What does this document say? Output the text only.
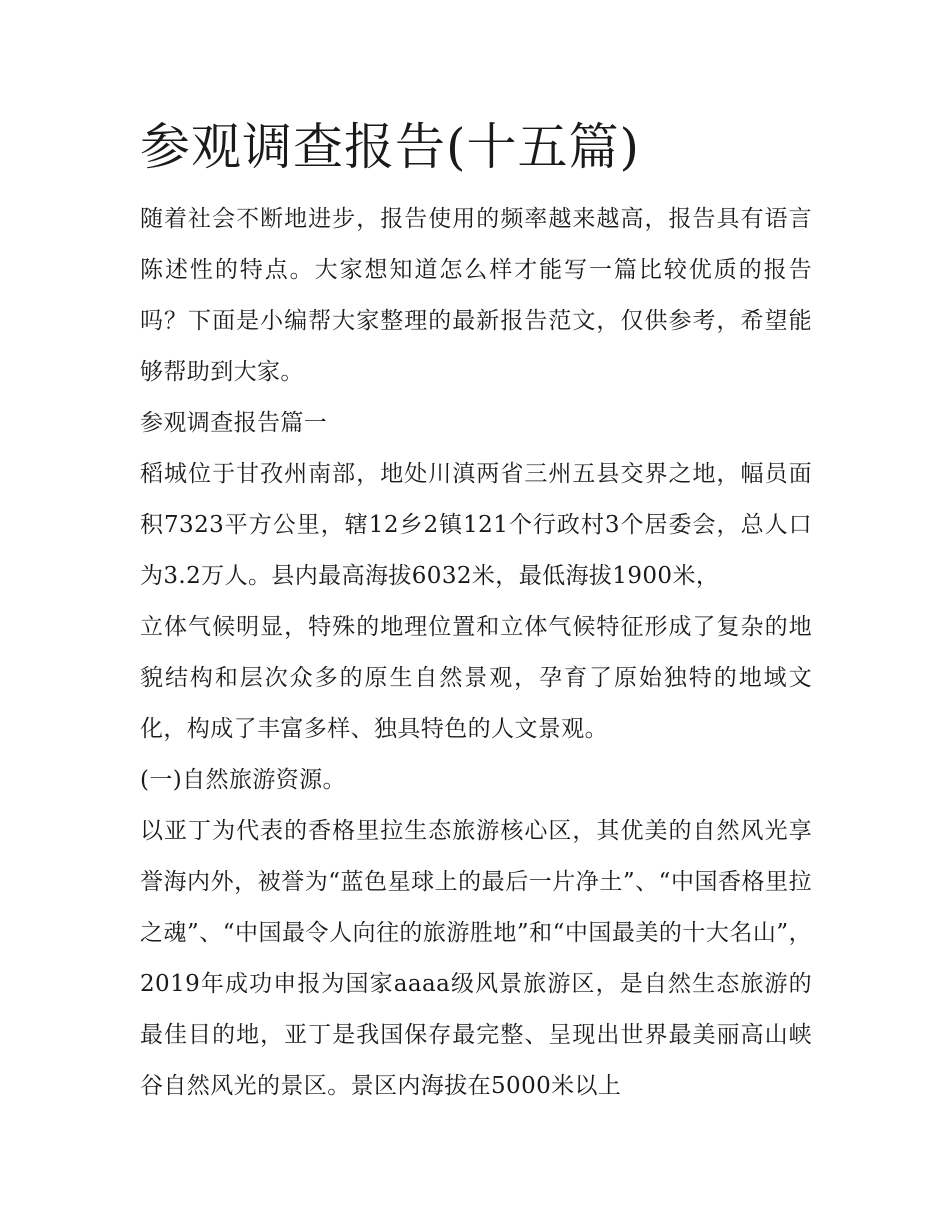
参观调查报告(十五篇)

随着社会不断地进步，报告使用的频率越来越高，报告具有语言陈述性的特点。大家想知道怎么样才能写一篇比较优质的报告吗？下面是小编帮大家整理的最新报告范文，仅供参考，希望能够帮助到大家。

参观调查报告篇一

稻城位于甘孜州南部，地处川滇两省三州五县交界之地，幅员面积7323平方公里，辖12乡2镇121个行政村3个居委会，总人口为3.2万人。县内最高海拔6032米，最低海拔1900米，

立体气候明显，特殊的地理位置和立体气候特征形成了复杂的地貌结构和层次众多的原生自然景观，孕育了原始独特的地域文化，构成了丰富多样、独具特色的人文景观。

(一)自然旅游资源。

以亚丁为代表的香格里拉生态旅游核心区，其优美的自然风光享誉海内外，被誉为“蓝色星球上的最后一片净土”、“中国香格里拉之魂”、“中国最令人向往的旅游胜地”和“中国最美的十大名山”，2019年成功申报为国家aaaa级风景旅游区，是自然生态旅游的最佳目的地，亚丁是我国保存最完整、呈现出世界最美丽高山峡谷自然风光的景区。景区内海拔在5000米以上
